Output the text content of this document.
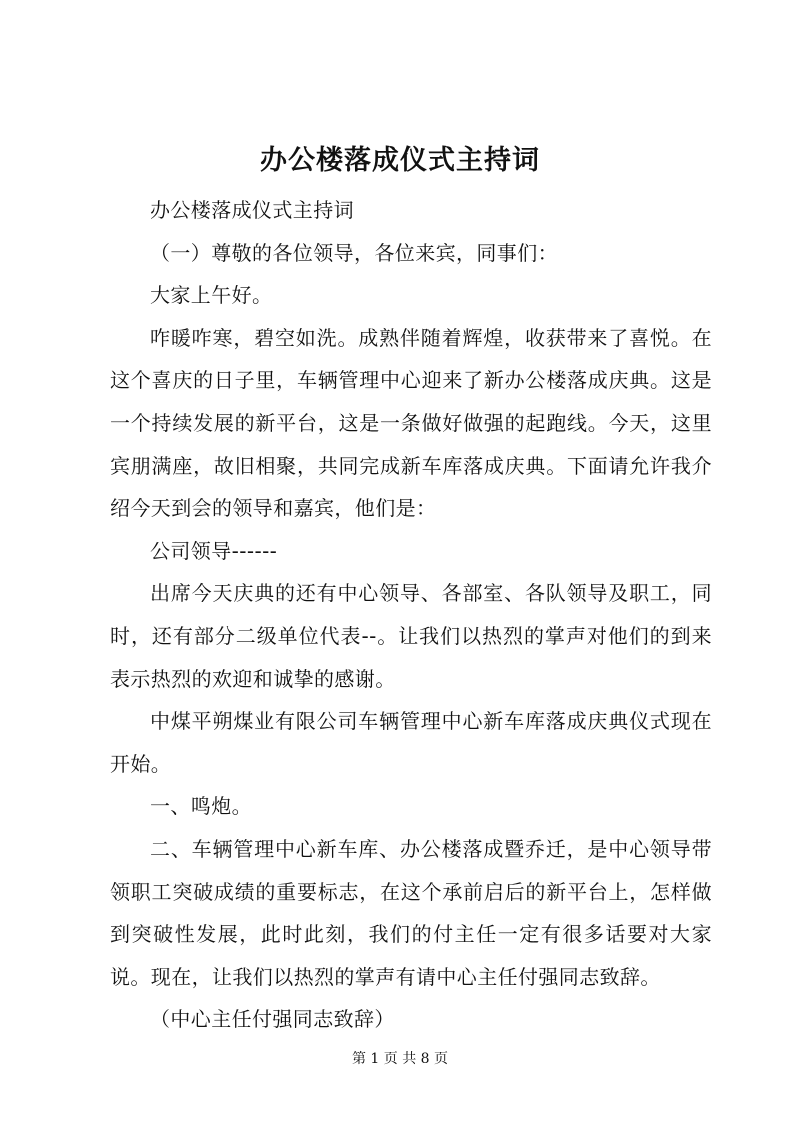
办公楼落成仪式主持词

办公楼落成仪式主持词

（一）尊敬的各位领导，各位来宾，同事们：

大家上午好。

咋暖咋寒，碧空如洗。成熟伴随着辉煌，收获带来了喜悦。在这个喜庆的日子里，车辆管理中心迎来了新办公楼落成庆典。这是一个持续发展的新平台，这是一条做好做强的起跑线。今天，这里宾朋满座，故旧相聚，共同完成新车库落成庆典。下面请允许我介绍今天到会的领导和嘉宾，他们是：

公司领导------

出席今天庆典的还有中心领导、各部室、各队领导及职工，同时，还有部分二级单位代表--。让我们以热烈的掌声对他们的到来表示热烈的欢迎和诚挚的感谢。

中煤平朔煤业有限公司车辆管理中心新车库落成庆典仪式现在开始。

一、鸣炮。

二、车辆管理中心新车库、办公楼落成暨乔迁，是中心领导带领职工突破成绩的重要标志，在这个承前启后的新平台上，怎样做到突破性发展，此时此刻，我们的付主任一定有很多话要对大家说。现在，让我们以热烈的掌声有请中心主任付强同志致辞。

（中心主任付强同志致辞）

第 1 页 共 8 页
